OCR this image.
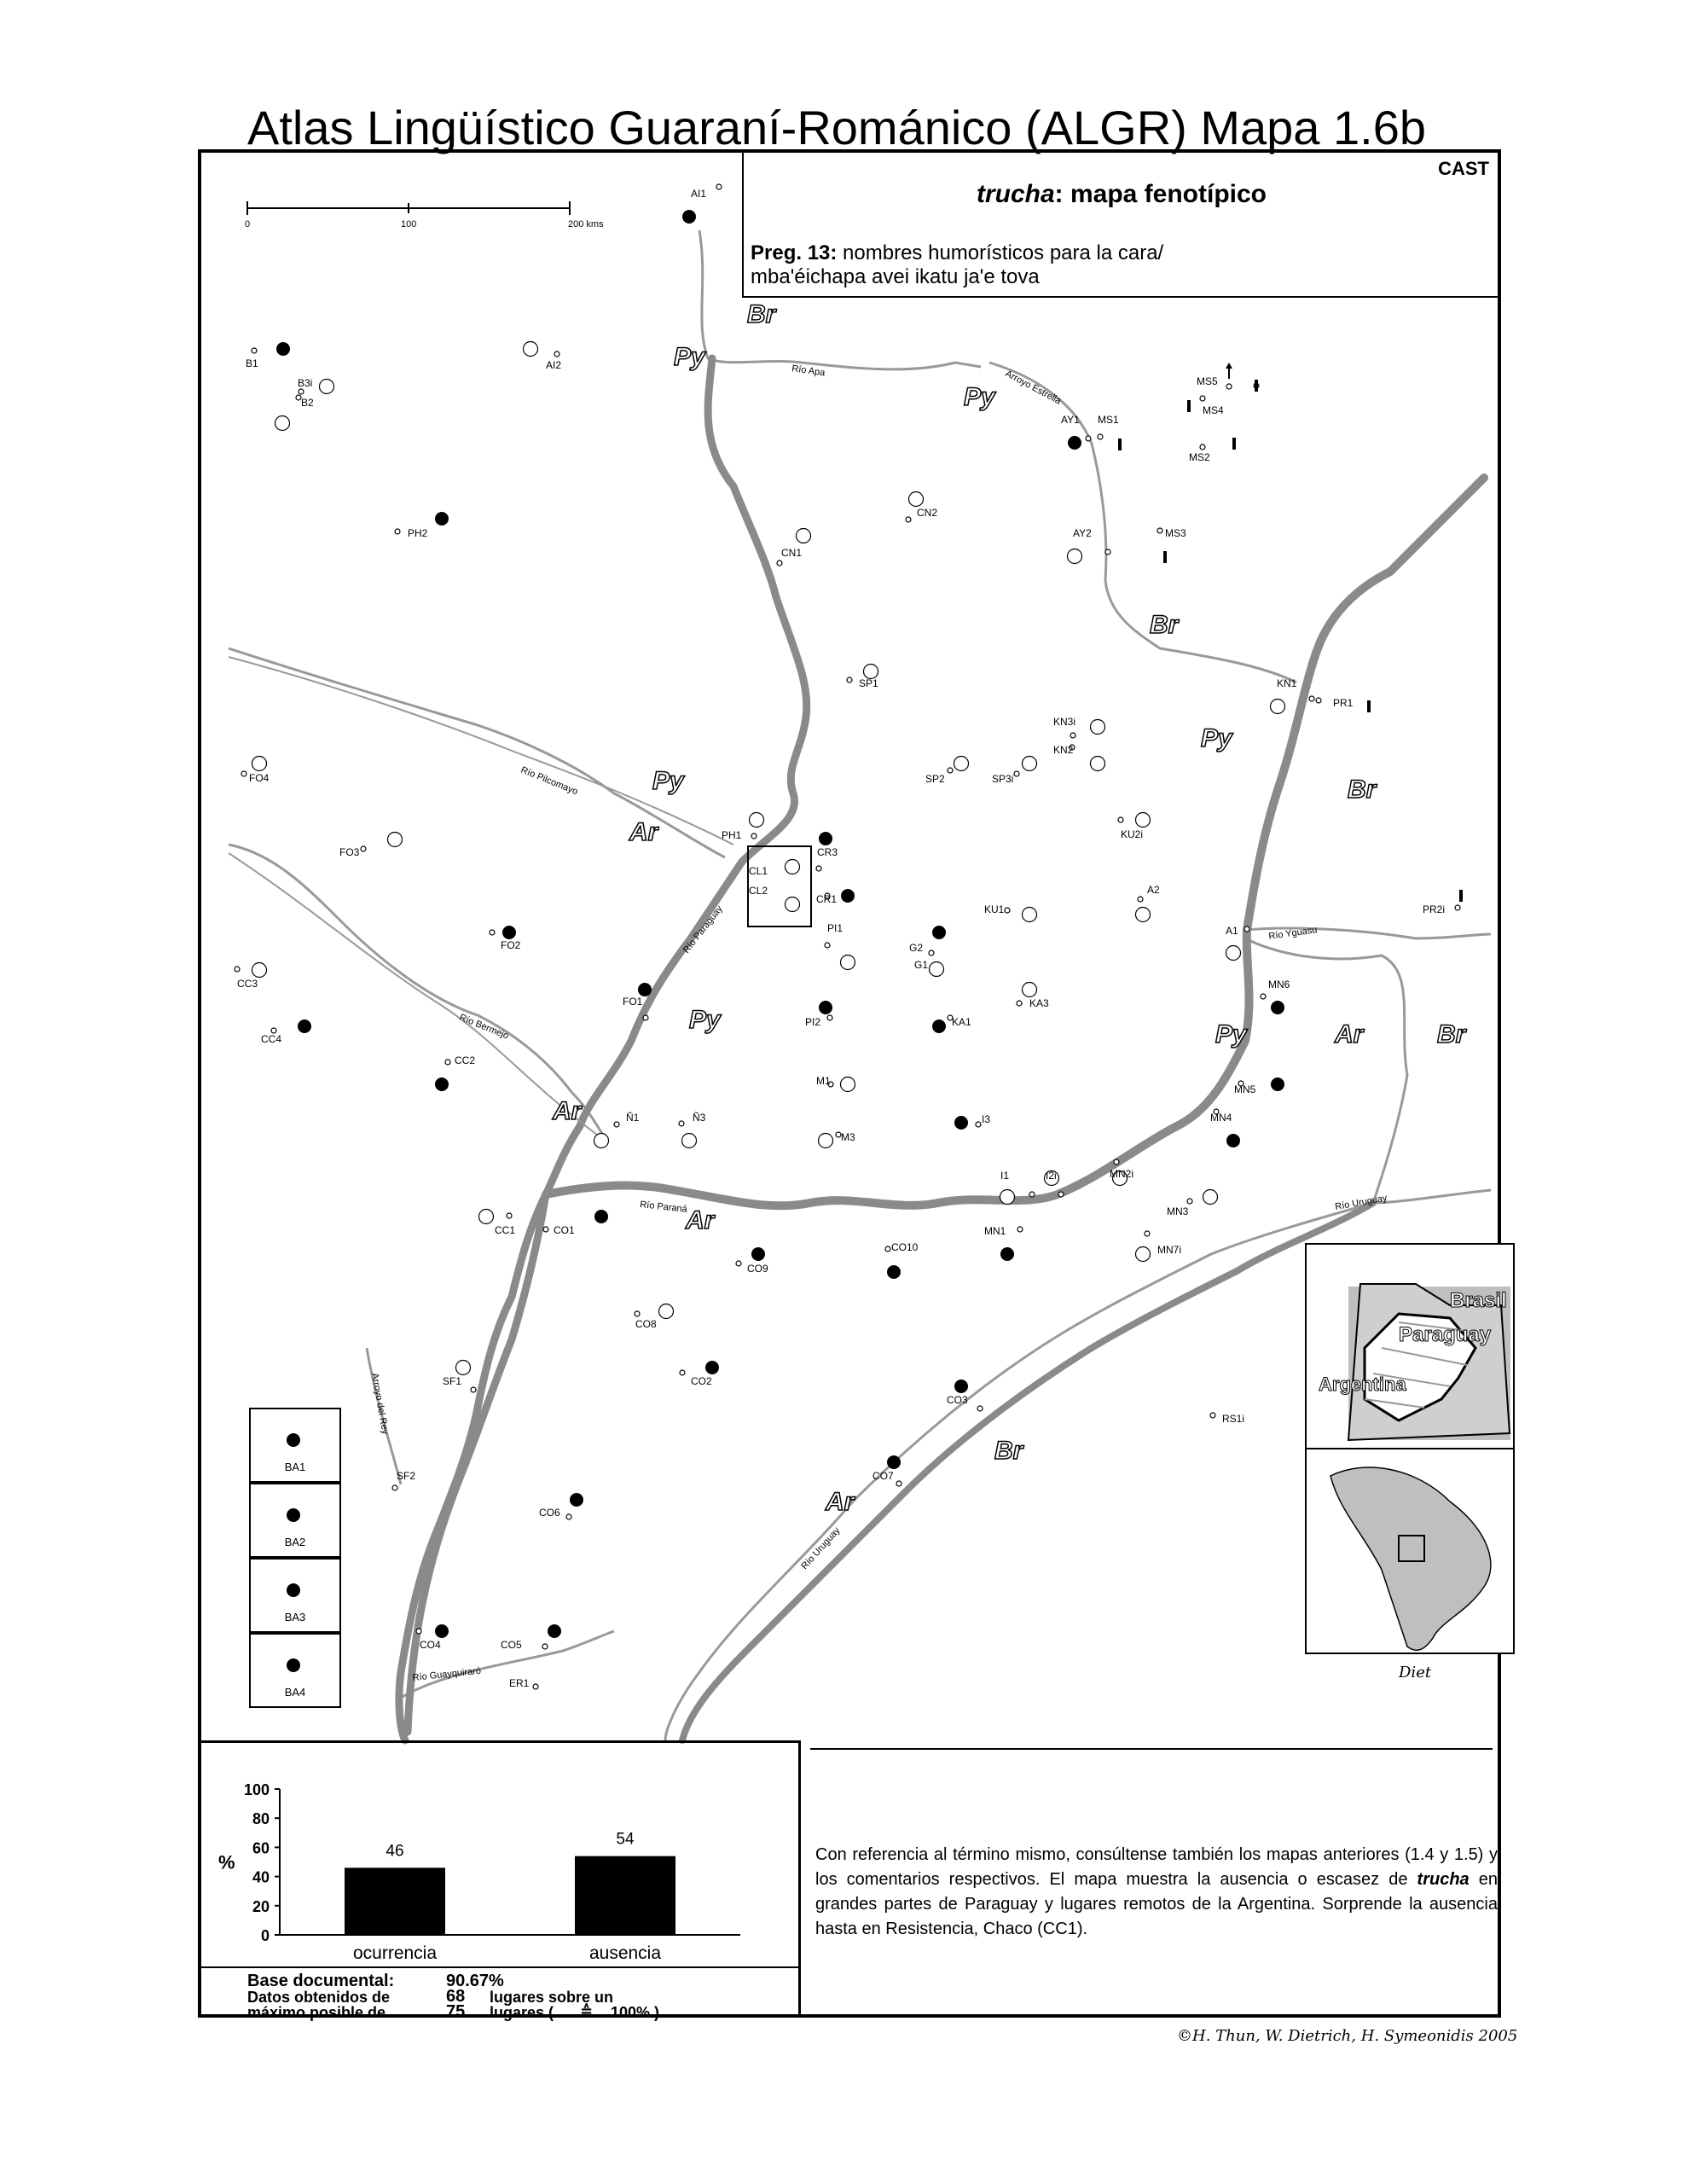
Atlas Lingüístico Guaraní-Románico (ALGR) Mapa 1.6b
0	100	200 kms
Río Apa	Arroyo Estrella
Río Pilcomayo
Río Paraguay
Río Bermejo
Río Yguasu
Río Paraná	Río Uruguay
Arroyo del Rey
Río Uruguay
Río Guayquiraró
Br
Py
Py
Br
Py
Br
Py
Ar
Py
Py	Ar	Br
Ar
Ar
Br
Ar
AI1
B1	AI2
B3i
B2
MS5
MS4
AY1 MS1
MS2
PH2
CN2
CN1
AY2	MS3
SP1	KN1
PR1
KN3i
KN2
SP2	SP3i
FO4
KU2i
PH1
CR3
FO3
CL1
CL2
CR1
A2
KU1	PR2i
PI1
FO2	G2
A1
G1
CC3	MN6
KA3
FO1
PI2	KA1
CC4
CC2
M1
MN5
Ñ1	Ñ3	MN4
I3
M3
MN2i
I1	I2i
MN3
CC1	CO1	MN1
CO10	MN7i
CO9
CO8
SF1	CO2
CO3
RS1i
SF2	CO7
CO6
CO4	CO5
ER1
Brasil
Paraguay
Argentina
CAST
trucha: mapa fenotípico
Preg. 13: nombres humorísticos para la cara/
mba'éichapa avei ikatu ja'e tova
BA1
BA2
BA3
BA4
Diet
100
80
60
40
20
0
%
46
ocurrencia
54
ausencia
Base documental:	90.67%
Datos obtenidos de	68 lugares sobre un
máximo posible de	75 lugares ( ≙ 100% )
Con referencia al término mismo, consúltense también los mapas anteriores (1.4 y 1.5) y los comentarios respectivos. El mapa muestra la ausencia o escasez de trucha en grandes partes de Paraguay y lugares remotos de la Argentina. Sorprende la ausencia hasta en Resistencia, Chaco (CC1).
©H. Thun, W. Dietrich, H. Symeonidis 2005
